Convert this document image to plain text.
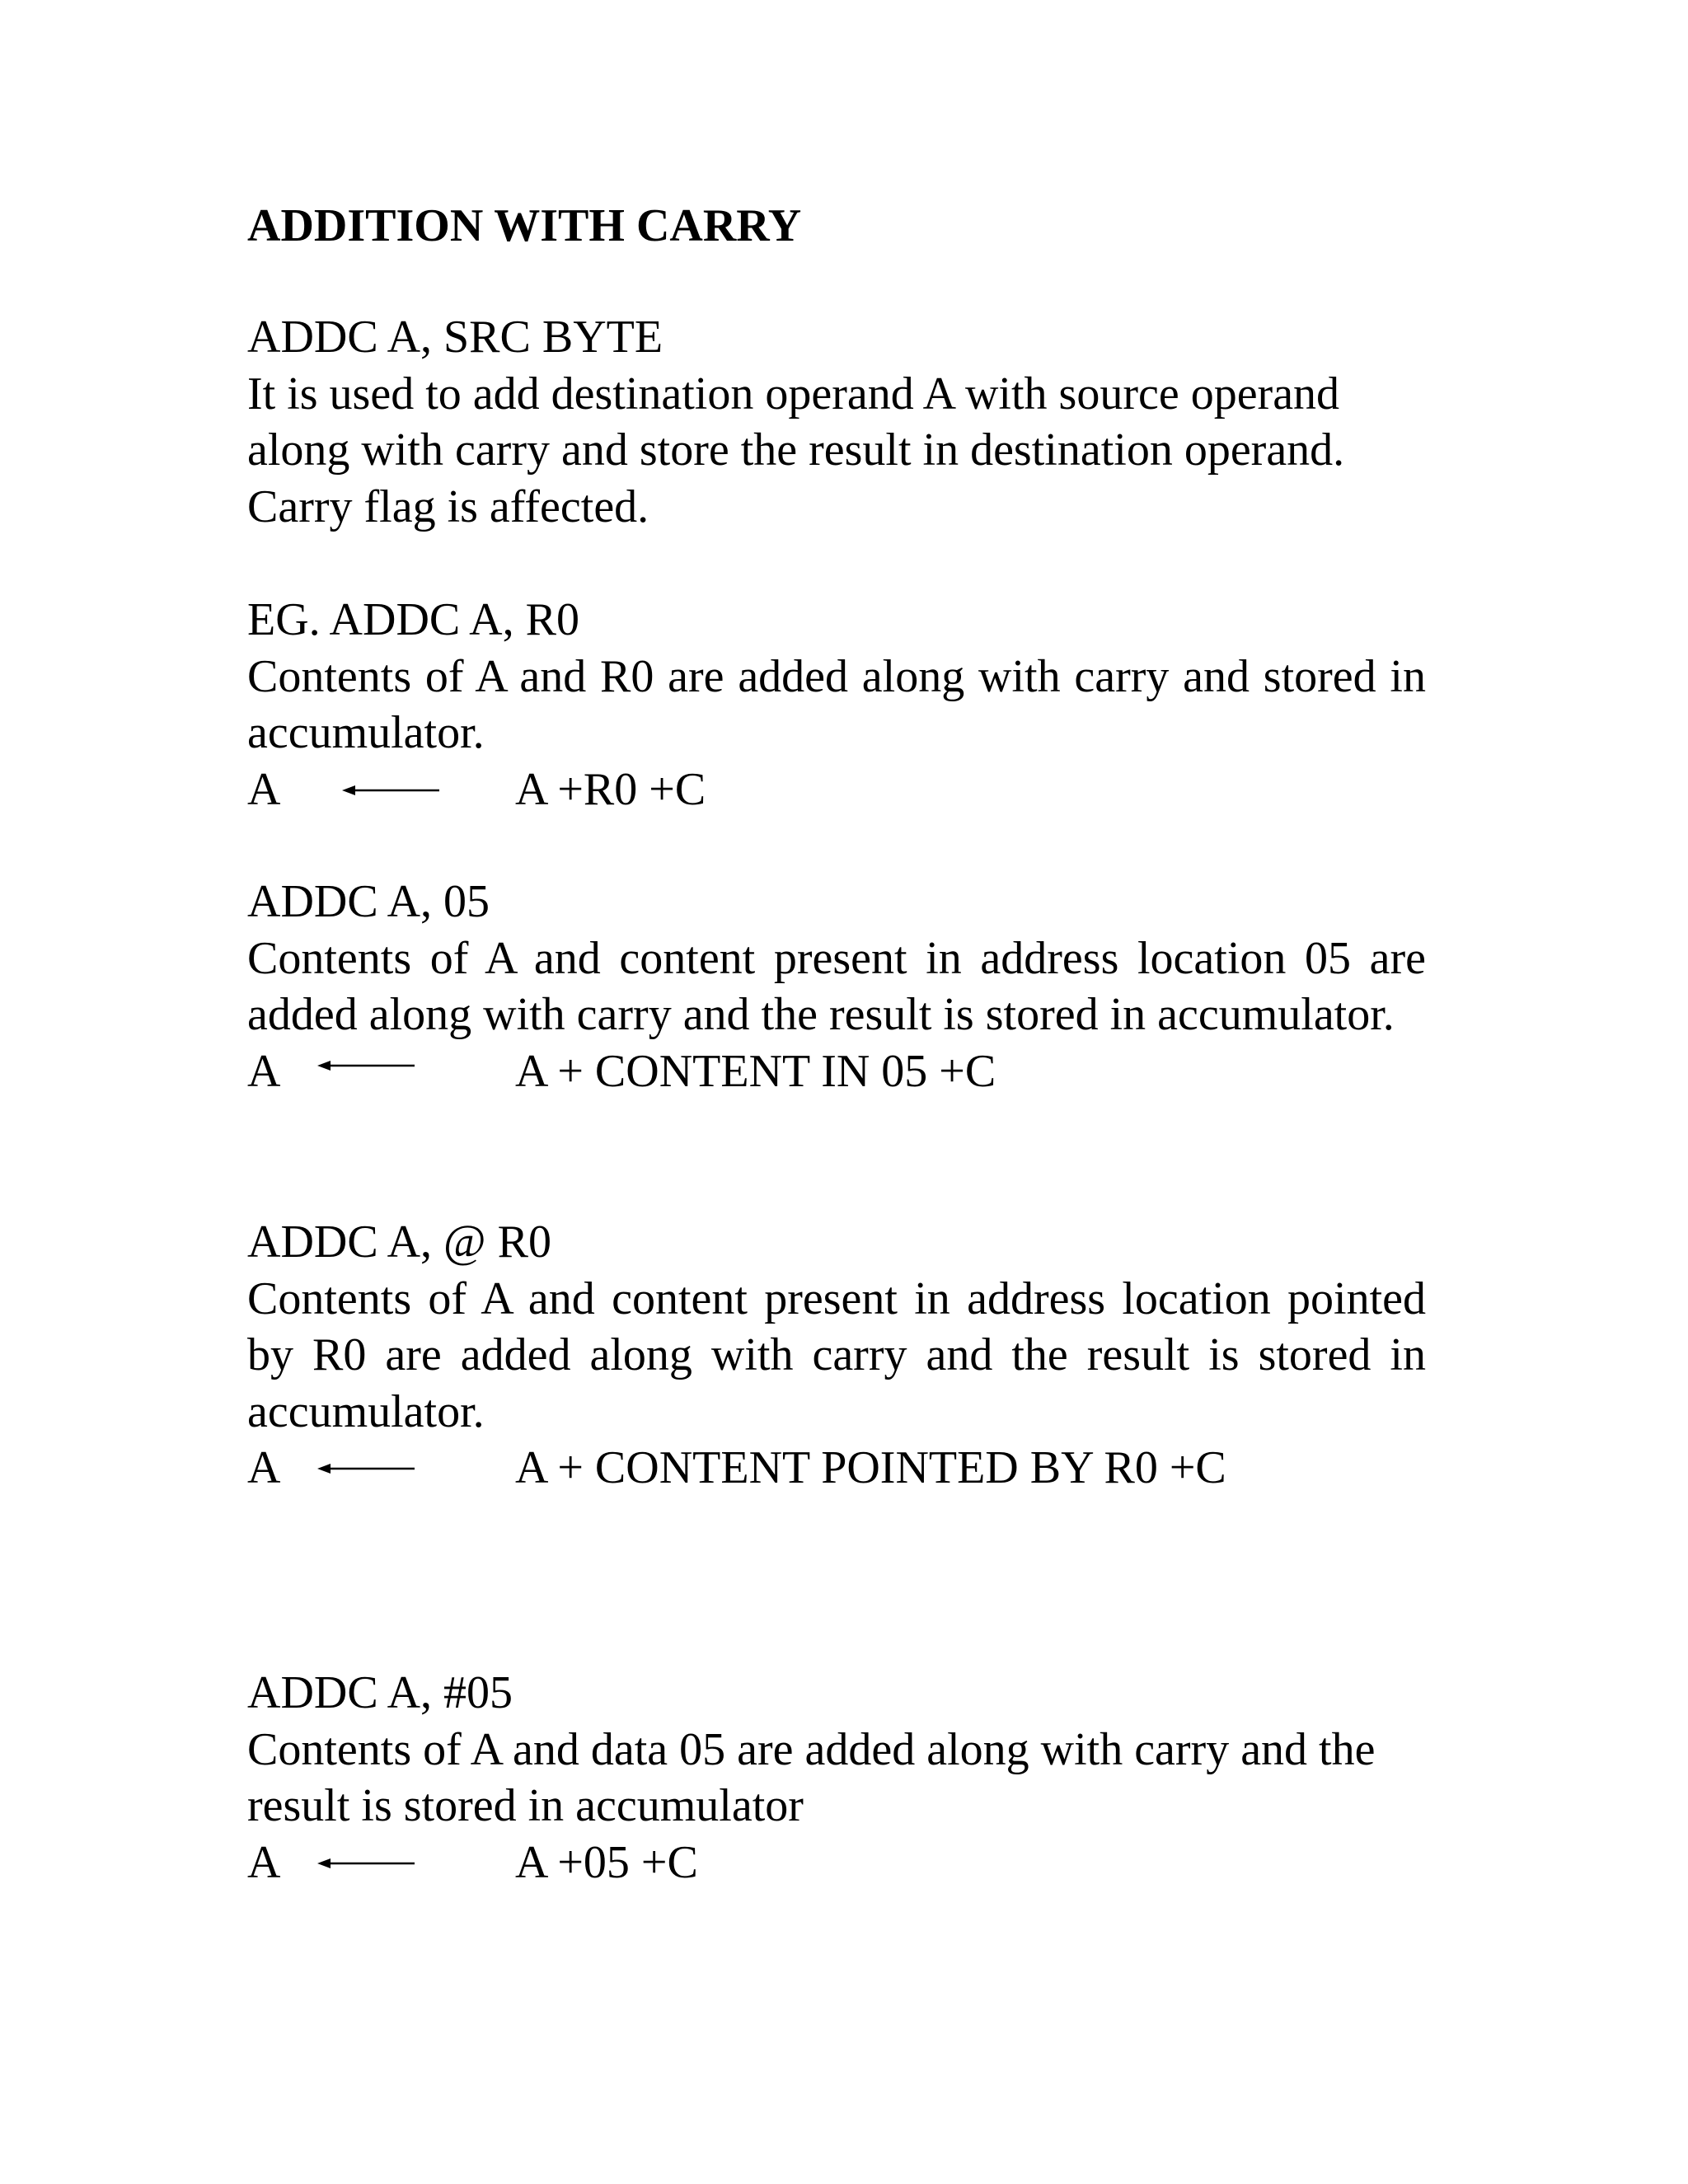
ADDITION WITH CARRY
ADDC A, SRC BYTE
It is used to add destination operand A with source operand along with carry and store the result in destination operand. Carry flag is affected.
EG. ADDC A, R0
Contents of A and R0 are added along with carry and stored in accumulator.
A	A +R0 +C
ADDC A, 05
Contents of A and content present in address location 05 are added along with carry and the result is stored in accumulator.
A	A + CONTENT IN 05 +C
ADDC A, @ R0
Contents of A and content present in address location pointed by R0 are added along with carry and the result is stored in accumulator.
A	A + CONTENT POINTED BY R0 +C
ADDC A, #05
Contents of A and data 05 are added along with carry and the result is stored in accumulator
A	A +05 +C
